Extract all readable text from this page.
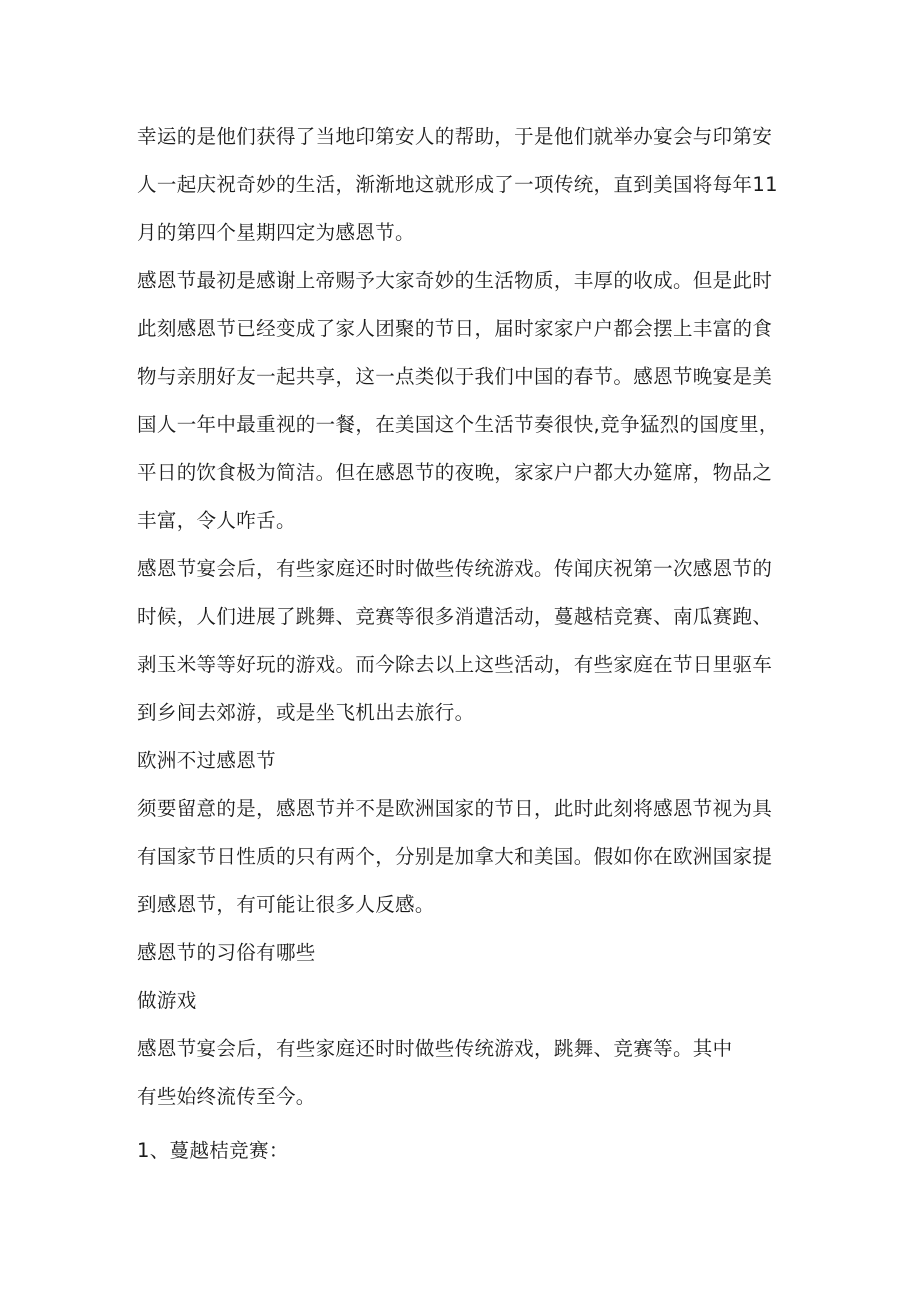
幸运的是他们获得了当地印第安人的帮助，于是他们就举办宴会与印第安
人一起庆祝奇妙的生活，渐渐地这就形成了一项传统，直到美国将每年11
月的第四个星期四定为感恩节。
感恩节最初是感谢上帝赐予大家奇妙的生活物质，丰厚的收成。但是此时
此刻感恩节已经变成了家人团聚的节日，届时家家户户都会摆上丰富的食
物与亲朋好友一起共享，这一点类似于我们中国的春节。感恩节晚宴是美
国人一年中最重视的一餐，在美国这个生活节奏很快,竞争猛烈的国度里，
平日的饮食极为简洁。但在感恩节的夜晚，家家户户都大办筵席，物品之
丰富，令人咋舌。
感恩节宴会后，有些家庭还时时做些传统游戏。传闻庆祝第一次感恩节的
时候，人们进展了跳舞、竞赛等很多消遣活动，蔓越桔竞赛、南瓜赛跑、
剥玉米等等好玩的游戏。而今除去以上这些活动，有些家庭在节日里驱车
到乡间去郊游，或是坐飞机出去旅行。
欧洲不过感恩节
须要留意的是，感恩节并不是欧洲国家的节日，此时此刻将感恩节视为具
有国家节日性质的只有两个，分别是加拿大和美国。假如你在欧洲国家提
到感恩节，有可能让很多人反感。
感恩节的习俗有哪些
做游戏
感恩节宴会后，有些家庭还时时做些传统游戏，跳舞、竞赛等。其中
有些始终流传至今。
1、蔓越桔竞赛：
